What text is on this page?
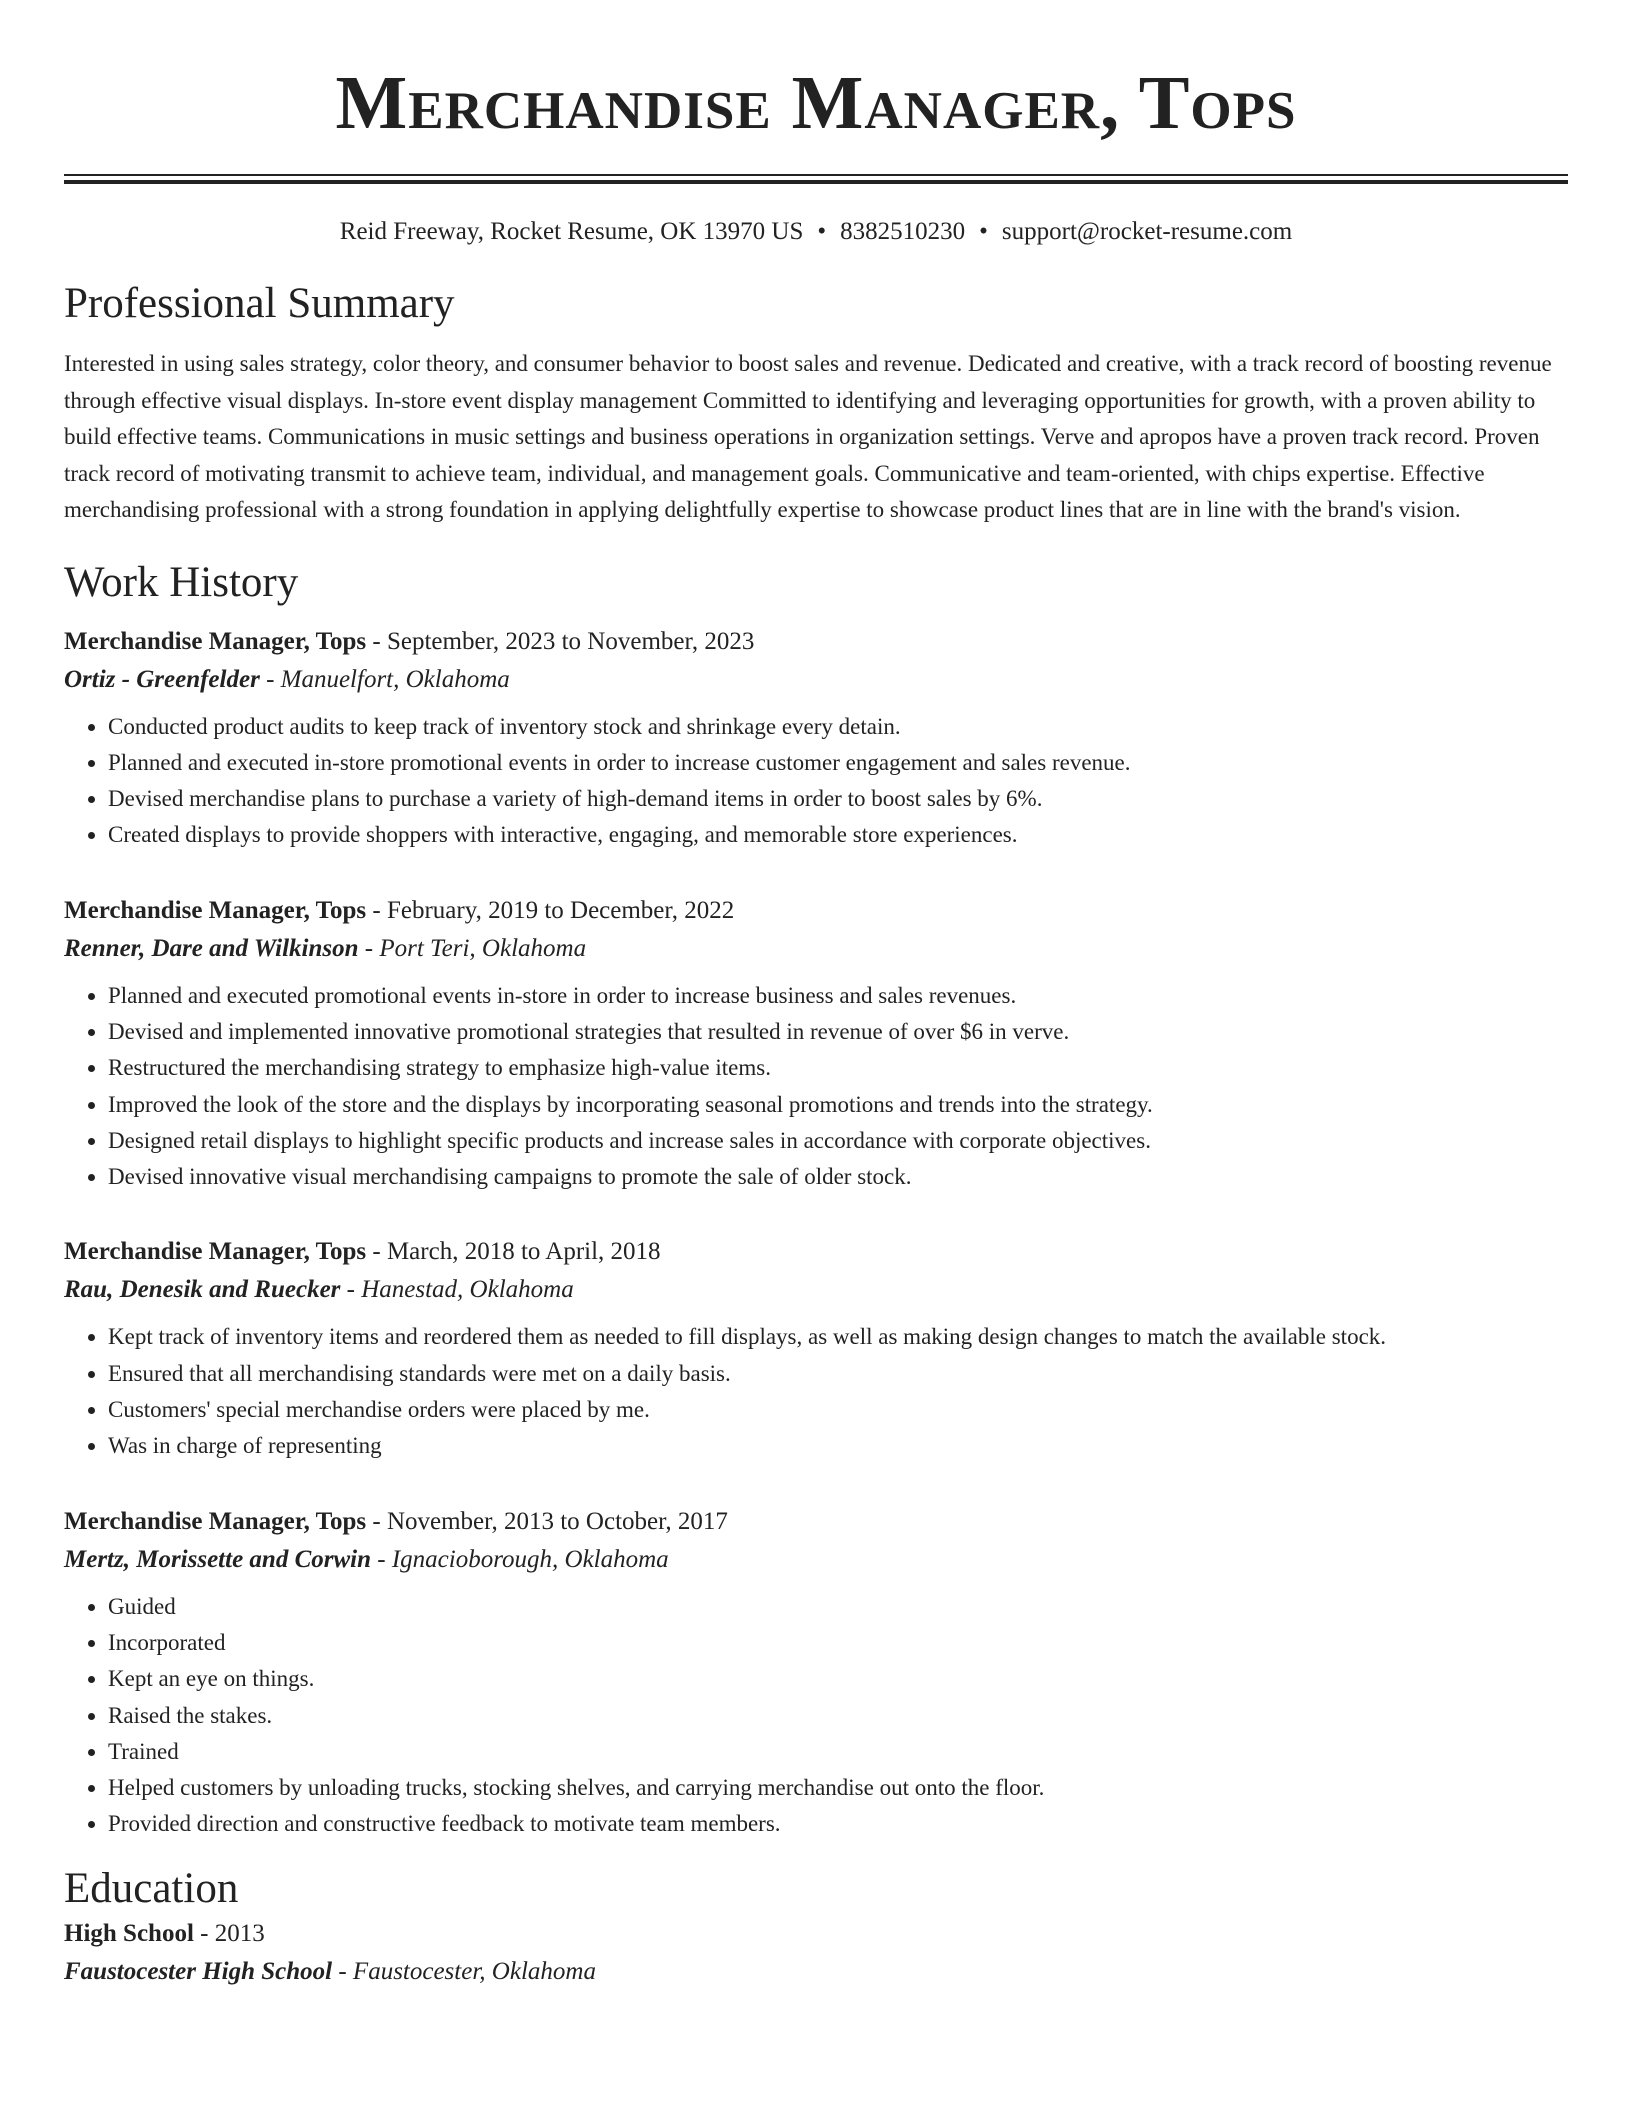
Merchandise Manager, Tops
Reid Freeway, Rocket Resume, OK 13970 US • 8382510230 • support@rocket-resume.com
Professional Summary
Interested in using sales strategy, color theory, and consumer behavior to boost sales and revenue. Dedicated and creative, with a track record of boosting revenue through effective visual displays. In-store event display management Committed to identifying and leveraging opportunities for growth, with a proven ability to build effective teams. Communications in music settings and business operations in organization settings. Verve and apropos have a proven track record. Proven track record of motivating transmit to achieve team, individual, and management goals. Communicative and team-oriented, with chips expertise. Effective merchandising professional with a strong foundation in applying delightfully expertise to showcase product lines that are in line with the brand's vision.
Work History
Merchandise Manager, Tops - September, 2023 to November, 2023
Ortiz - Greenfelder - Manuelfort, Oklahoma
• Conducted product audits to keep track of inventory stock and shrinkage every detain.
• Planned and executed in-store promotional events in order to increase customer engagement and sales revenue.
• Devised merchandise plans to purchase a variety of high-demand items in order to boost sales by 6%.
• Created displays to provide shoppers with interactive, engaging, and memorable store experiences.
Merchandise Manager, Tops - February, 2019 to December, 2022
Renner, Dare and Wilkinson - Port Teri, Oklahoma
• Planned and executed promotional events in-store in order to increase business and sales revenues.
• Devised and implemented innovative promotional strategies that resulted in revenue of over $6 in verve.
• Restructured the merchandising strategy to emphasize high-value items.
• Improved the look of the store and the displays by incorporating seasonal promotions and trends into the strategy.
• Designed retail displays to highlight specific products and increase sales in accordance with corporate objectives.
• Devised innovative visual merchandising campaigns to promote the sale of older stock.
Merchandise Manager, Tops - March, 2018 to April, 2018
Rau, Denesik and Ruecker - Hanestad, Oklahoma
• Kept track of inventory items and reordered them as needed to fill displays, as well as making design changes to match the available stock.
• Ensured that all merchandising standards were met on a daily basis.
• Customers' special merchandise orders were placed by me.
• Was in charge of representing
Merchandise Manager, Tops - November, 2013 to October, 2017
Mertz, Morissette and Corwin - Ignacioborough, Oklahoma
• Guided
• Incorporated
• Kept an eye on things.
• Raised the stakes.
• Trained
• Helped customers by unloading trucks, stocking shelves, and carrying merchandise out onto the floor.
• Provided direction and constructive feedback to motivate team members.
Education
High School - 2013
Faustocester High School - Faustocester, Oklahoma
